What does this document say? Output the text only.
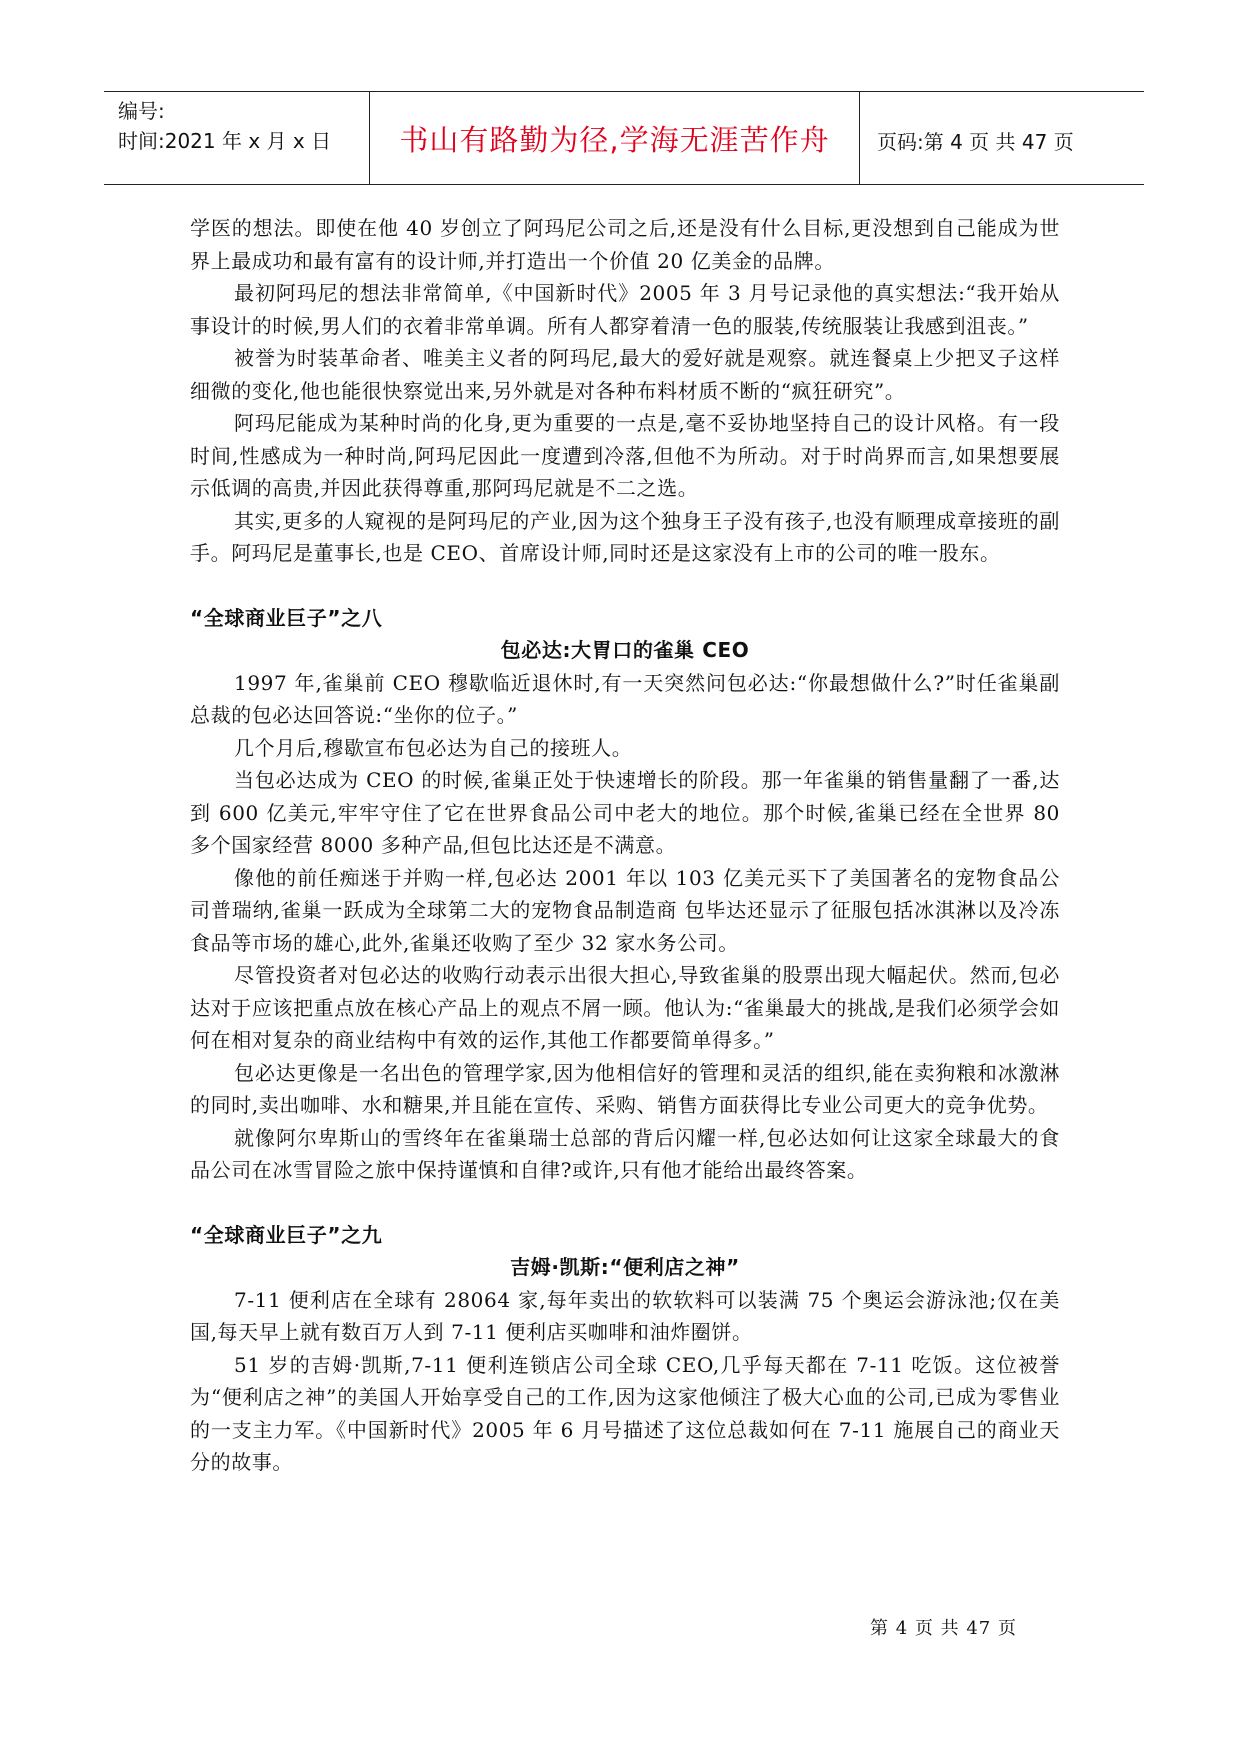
编号:
时间:2021 年 x 月 x 日	书山有路勤为径,学海无涯苦作舟	页码:第 4 页 共 47 页

学医的想法。即使在他 40 岁创立了阿玛尼公司之后,还是没有什么目标,更没想到自己能成为世界上最成功和最有富有的设计师,并打造出一个价值 20 亿美金的品牌。

最初阿玛尼的想法非常简单,《中国新时代》2005 年 3 月号记录他的真实想法:“我开始从事设计的时候,男人们的衣着非常单调。所有人都穿着清一色的服装,传统服装让我感到沮丧。”

被誉为时装革命者、唯美主义者的阿玛尼,最大的爱好就是观察。就连餐桌上少把叉子这样细微的变化,他也能很快察觉出来,另外就是对各种布料材质不断的“疯狂研究”。

阿玛尼能成为某种时尚的化身,更为重要的一点是,毫不妥协地坚持自己的设计风格。有一段时间,性感成为一种时尚,阿玛尼因此一度遭到冷落,但他不为所动。对于时尚界而言,如果想要展示低调的高贵,并因此获得尊重,那阿玛尼就是不二之选。

其实,更多的人窥视的是阿玛尼的产业,因为这个独身王子没有孩子,也没有顺理成章接班的副手。阿玛尼是董事长,也是 CEO、首席设计师,同时还是这家没有上市的公司的唯一股东。

“全球商业巨子”之八

包必达:大胃口的雀巢 CEO

1997 年,雀巢前 CEO 穆歇临近退休时,有一天突然问包必达:“你最想做什么?”时任雀巢副总裁的包必达回答说:“坐你的位子。”

几个月后,穆歇宣布包必达为自己的接班人。

当包必达成为 CEO 的时候,雀巢正处于快速增长的阶段。那一年雀巢的销售量翻了一番,达到 600 亿美元,牢牢守住了它在世界食品公司中老大的地位。那个时候,雀巢已经在全世界 80 多个国家经营 8000 多种产品,但包比达还是不满意。

像他的前任痴迷于并购一样,包必达 2001 年以 103 亿美元买下了美国著名的宠物食品公司普瑞纳,雀巢一跃成为全球第二大的宠物食品制造商 包毕达还显示了征服包括冰淇淋以及冷冻食品等市场的雄心,此外,雀巢还收购了至少 32 家水务公司。

尽管投资者对包必达的收购行动表示出很大担心,导致雀巢的股票出现大幅起伏。然而,包必达对于应该把重点放在核心产品上的观点不屑一顾。他认为:“雀巢最大的挑战,是我们必须学会如何在相对复杂的商业结构中有效的运作,其他工作都要简单得多。”

包必达更像是一名出色的管理学家,因为他相信好的管理和灵活的组织,能在卖狗粮和冰激淋的同时,卖出咖啡、水和糖果,并且能在宣传、采购、销售方面获得比专业公司更大的竞争优势。

就像阿尔卑斯山的雪终年在雀巢瑞士总部的背后闪耀一样,包必达如何让这家全球最大的食品公司在冰雪冒险之旅中保持谨慎和自律?或许,只有他才能给出最终答案。

“全球商业巨子”之九

吉姆·凯斯:“便利店之神”

7-11 便利店在全球有 28064 家,每年卖出的软软料可以装满 75 个奥运会游泳池;仅在美国,每天早上就有数百万人到 7-11 便利店买咖啡和油炸圈饼。

51 岁的吉姆·凯斯,7-11 便利连锁店公司全球 CEO,几乎每天都在 7-11 吃饭。这位被誉为“便利店之神”的美国人开始享受自己的工作,因为这家他倾注了极大心血的公司,已成为零售业的一支主力军。《中国新时代》2005 年 6 月号描述了这位总裁如何在 7-11 施展自己的商业天分的故事。

第 4 页 共 47 页
